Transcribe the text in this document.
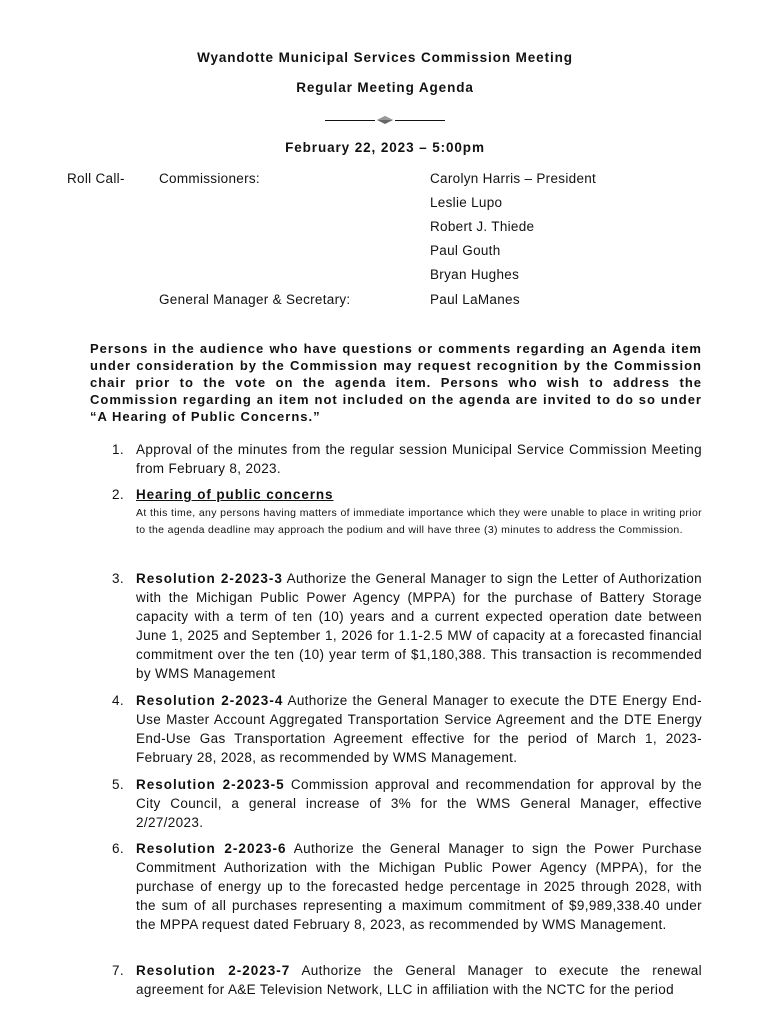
Wyandotte Municipal Services Commission Meeting
Regular Meeting Agenda
February 22, 2023 – 5:00pm
Roll Call-	Commissioners:	Carolyn Harris – President
Leslie Lupo
Robert J. Thiede
Paul Gouth
Bryan Hughes
General Manager & Secretary:	Paul LaManes
Persons in the audience who have questions or comments regarding an Agenda item under consideration by the Commission may request recognition by the Commission chair prior to the vote on the agenda item. Persons who wish to address the Commission regarding an item not included on the agenda are invited to do so under “A Hearing of Public Concerns.”
1. Approval of the minutes from the regular session Municipal Service Commission Meeting from February 8, 2023.
2. Hearing of public concerns
At this time, any persons having matters of immediate importance which they were unable to place in writing prior to the agenda deadline may approach the podium and will have three (3) minutes to address the Commission.
3. Resolution 2-2023-3 Authorize the General Manager to sign the Letter of Authorization with the Michigan Public Power Agency (MPPA) for the purchase of Battery Storage capacity with a term of ten (10) years and a current expected operation date between June 1, 2025 and September 1, 2026 for 1.1-2.5 MW of capacity at a forecasted financial commitment over the ten (10) year term of $1,180,388. This transaction is recommended by WMS Management
4. Resolution 2-2023-4 Authorize the General Manager to execute the DTE Energy End-Use Master Account Aggregated Transportation Service Agreement and the DTE Energy End-Use Gas Transportation Agreement effective for the period of March 1, 2023-February 28, 2028, as recommended by WMS Management.
5. Resolution 2-2023-5 Commission approval and recommendation for approval by the City Council, a general increase of 3% for the WMS General Manager, effective 2/27/2023.
6. Resolution 2-2023-6 Authorize the General Manager to sign the Power Purchase Commitment Authorization with the Michigan Public Power Agency (MPPA), for the purchase of energy up to the forecasted hedge percentage in 2025 through 2028, with the sum of all purchases representing a maximum commitment of $9,989,338.40 under the MPPA request dated February 8, 2023, as recommended by WMS Management.
7. Resolution 2-2023-7 Authorize the General Manager to execute the renewal agreement for A&E Television Network, LLC in affiliation with the NCTC for the period
